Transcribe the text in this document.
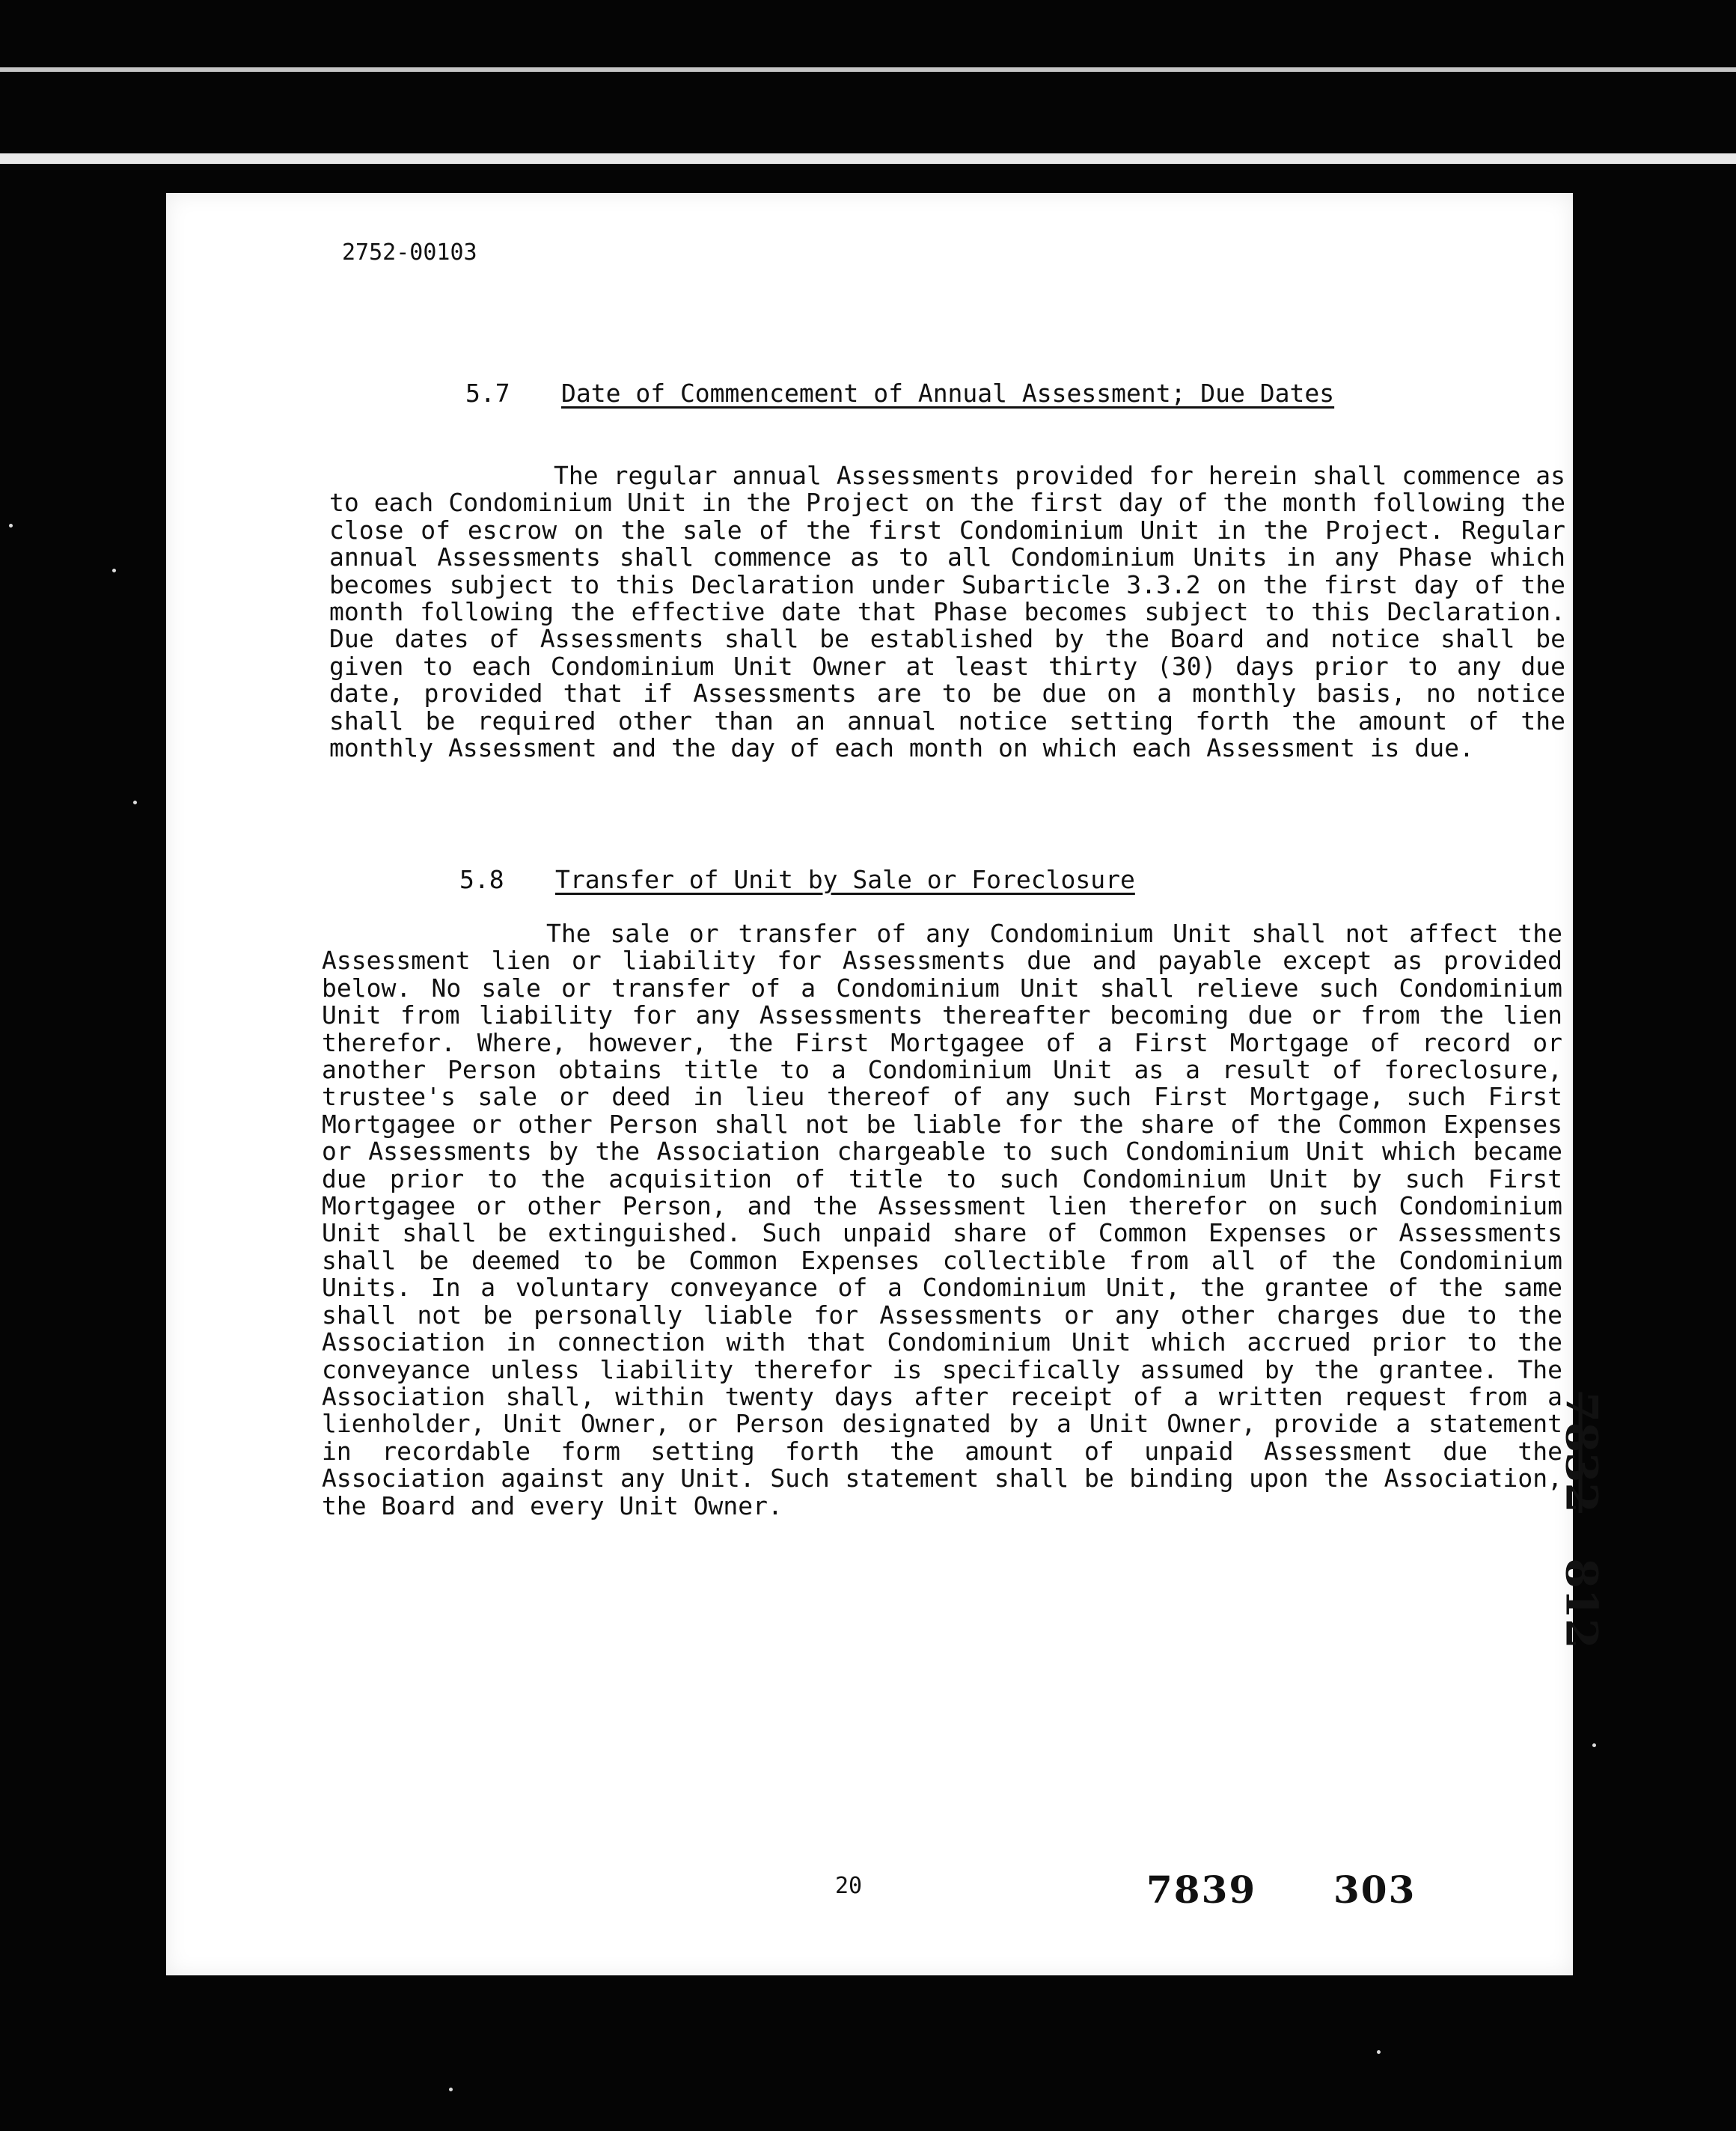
2752-00103
5.7	Date of Commencement of Annual Assessment; Due Dates
The regular annual Assessments provided for herein shall commence as to each Condominium Unit in the Project on the first day of the month following the close of escrow on the sale of the first Condominium Unit in the Project. Regular annual Assessments shall commence as to all Condominium Units in any Phase which becomes subject to this Declaration under Subarticle 3.3.2 on the first day of the month following the effective date that Phase becomes subject to this Declaration. Due dates of Assessments shall be established by the Board and notice shall be given to each Condominium Unit Owner at least thirty (30) days prior to any due date, provided that if Assessments are to be due on a monthly basis, no notice shall be required other than an annual notice setting forth the amount of the monthly Assessment and the day of each month on which each Assessment is due.
5.8	Transfer of Unit by Sale or Foreclosure
The sale or transfer of any Condominium Unit shall not affect the Assessment lien or liability for Assessments due and payable except as provided below. No sale or transfer of a Condominium Unit shall relieve such Condominium Unit from liability for any Assessments thereafter becoming due or from the lien therefor. Where, however, the First Mortgagee of a First Mortgage of record or another Person obtains title to a Condominium Unit as a result of foreclosure, trustee's sale or deed in lieu thereof of any such First Mortgage, such First Mortgagee or other Person shall not be liable for the share of the Common Expenses or Assessments by the Association chargeable to such Condominium Unit which became due prior to the acquisition of title to such Condominium Unit by such First Mortgagee or other Person, and the Assessment lien therefor on such Condominium Unit shall be extinguished. Such unpaid share of Common Expenses or Assessments shall be deemed to be Common Expenses collectible from all of the Condominium Units. In a voluntary conveyance of a Condominium Unit, the grantee of the same shall not be personally liable for Assessments or any other charges due to the Association in connection with that Condominium Unit which accrued prior to the conveyance unless liability therefor is specifically assumed by the grantee. The Association shall, within twenty days after receipt of a written request from a lienholder, Unit Owner, or Person designated by a Unit Owner, provide a statement in recordable form setting forth the amount of unpaid Assessment due the Association against any Unit. Such statement shall be binding upon the Association, the Board and every Unit Owner.	7832   812
20	7839 303
